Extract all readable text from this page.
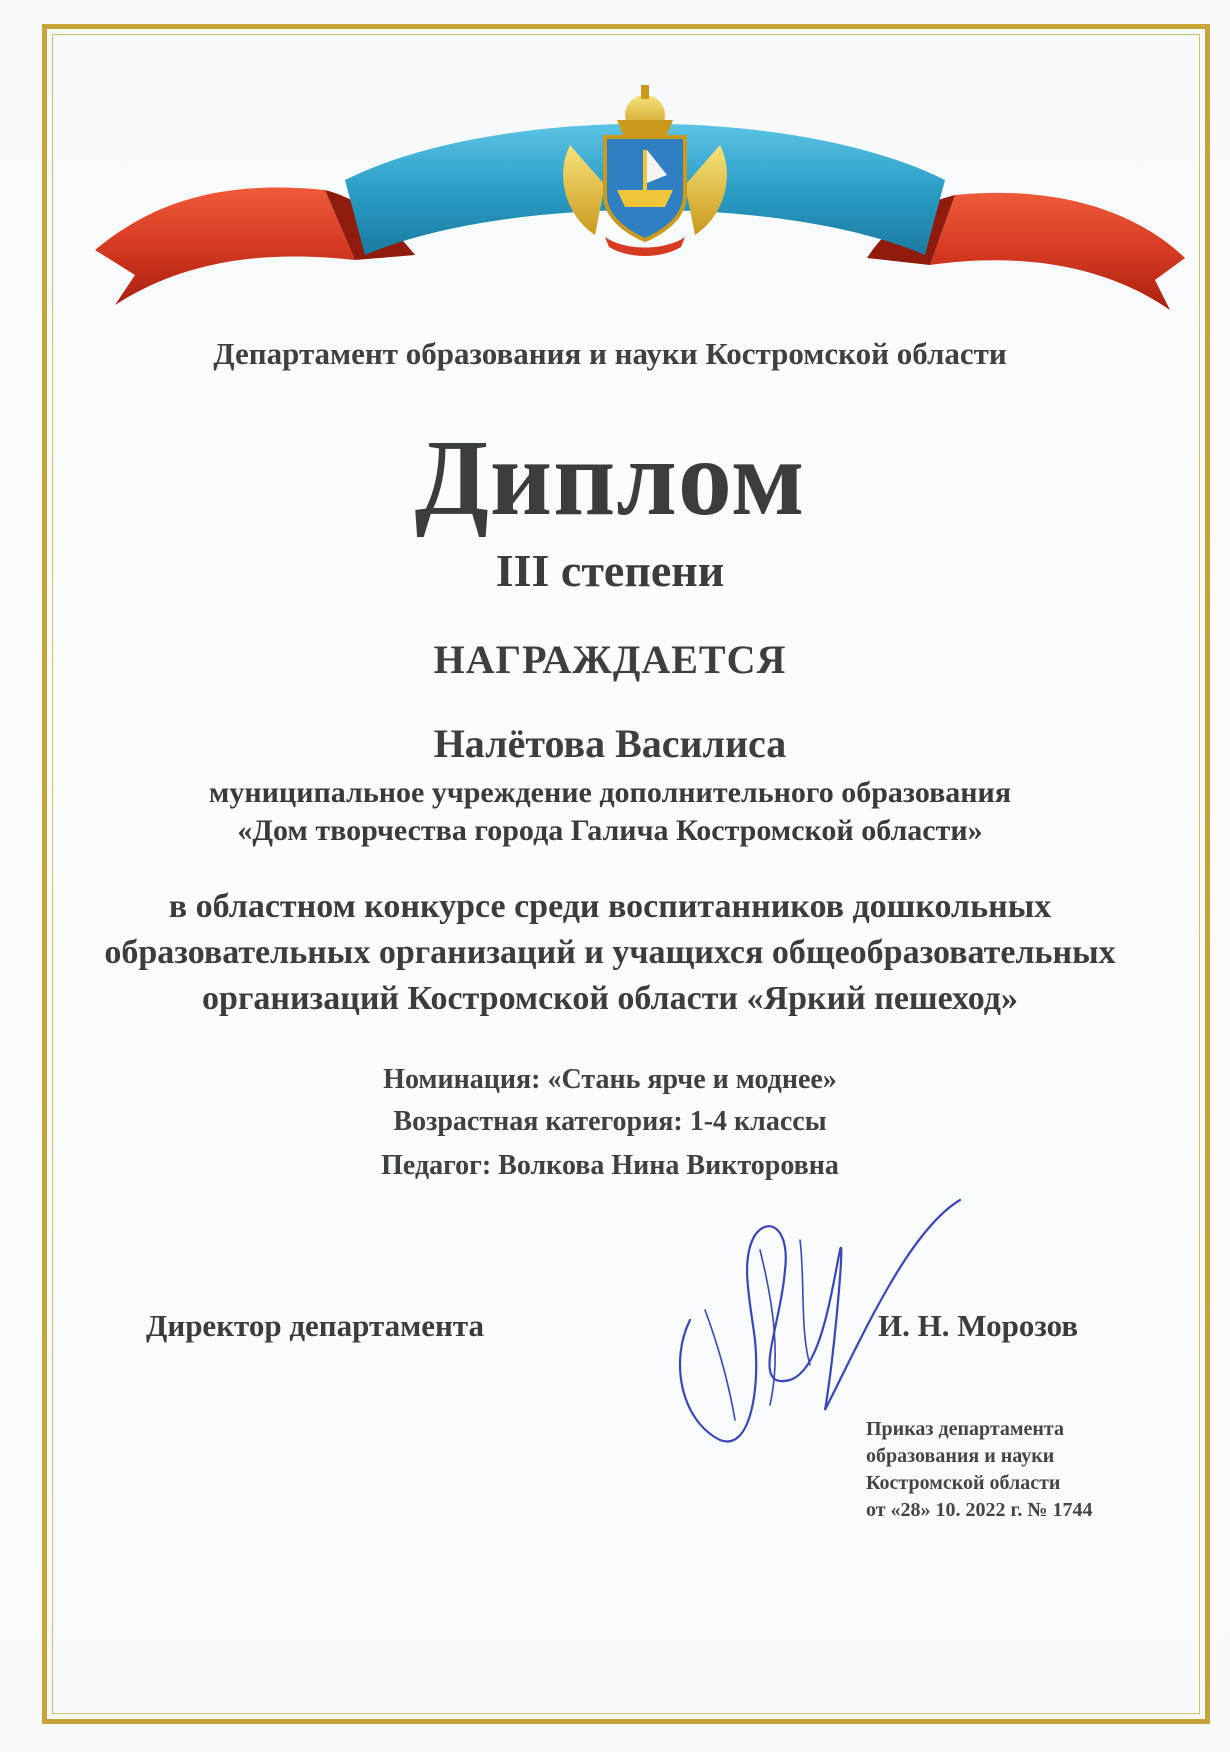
Департамент образования и науки Костромской области
Диплом
III степени
НАГРАЖДАЕТСЯ
Налётова Василиса
муниципальное учреждение дополнительного образования
«Дом творчества города Галича Костромской области»
в областном конкурсе среди воспитанников дошкольных
образовательных организаций и учащихся общеобразовательных
организаций Костромской области «Яркий пешеход»
Номинация: «Стань ярче и моднее»
Возрастная категория: 1-4 классы
Педагог: Волкова Нина Викторовна
Директор департамента	И. Н. Морозов
Приказ департамента
образования и науки
Костромской области
от «28» 10. 2022 г. № 1744
